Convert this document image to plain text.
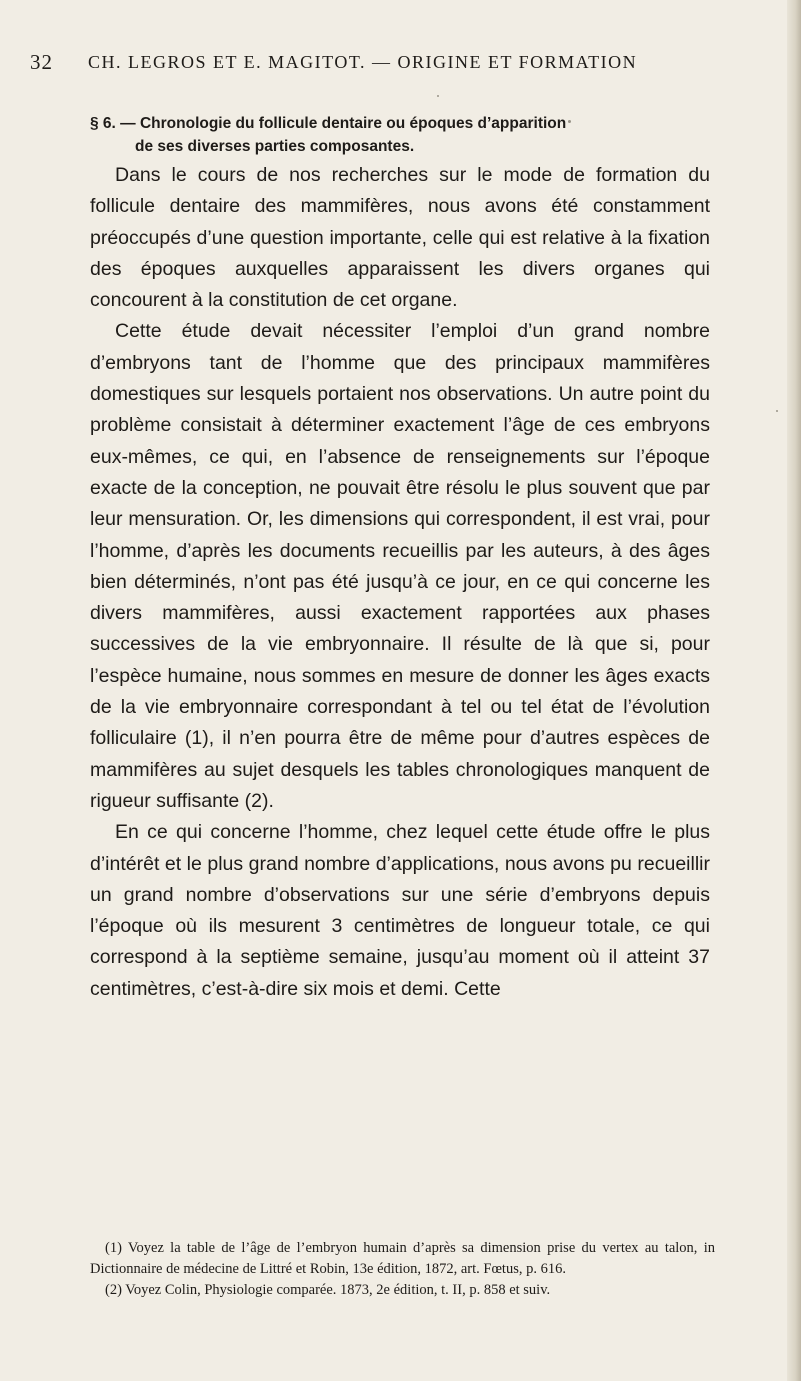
32 CH. LEGROS ET E. MAGITOT. — ORIGINE ET FORMATION
§ 6. — Chronologie du follicule dentaire ou époques d’apparition
de ses diverses parties composantes.

Dans le cours de nos recherches sur le mode de formation du follicule dentaire des mammifères, nous avons été constamment préoccupés d’une question importante, celle qui est relative à la fixation des époques auxquelles apparaissent les divers organes qui concourent à la constitution de cet organe.

Cette étude devait nécessiter l’emploi d’un grand nombre d’embryons tant de l’homme que des principaux mammifères domestiques sur lesquels portaient nos observations. Un autre point du problème consistait à déterminer exactement l’âge de ces embryons eux-mêmes, ce qui, en l’absence de renseignements sur l’époque exacte de la conception, ne pouvait être résolu le plus souvent que par leur mensuration. Or, les dimensions qui correspondent, il est vrai, pour l’homme, d’après les documents recueillis par les auteurs, à des âges bien déterminés, n’ont pas été jusqu’à ce jour, en ce qui concerne les divers mammifères, aussi exactement rapportées aux phases successives de la vie embryonnaire. Il résulte de là que si, pour l’espèce humaine, nous sommes en mesure de donner les âges exacts de la vie embryonnaire correspondant à tel ou tel état de l’évolution folliculaire (1), il n’en pourra être de même pour d’autres espèces de mammifères au sujet desquels les tables chronologiques manquent de rigueur suffisante (2).

En ce qui concerne l’homme, chez lequel cette étude offre le plus d’intérêt et le plus grand nombre d’applications, nous avons pu recueillir un grand nombre d’observations sur une série d’embryons depuis l’époque où ils mesurent 3 centimètres de longueur totale, ce qui correspond à la septième semaine, jusqu’au moment où il atteint 37 centimètres, c’est-à-dire six mois et demi. Cette

(1) Voyez la table de l’âge de l’embryon humain d’après sa dimension prise du vertex au talon, in Dictionnaire de médecine de Littré et Robin, 13e édition, 1872, art. Fœtus, p. 616.

(2) Voyez Colin, Physiologie comparée. 1873, 2e édition, t. II, p. 858 et suiv.
